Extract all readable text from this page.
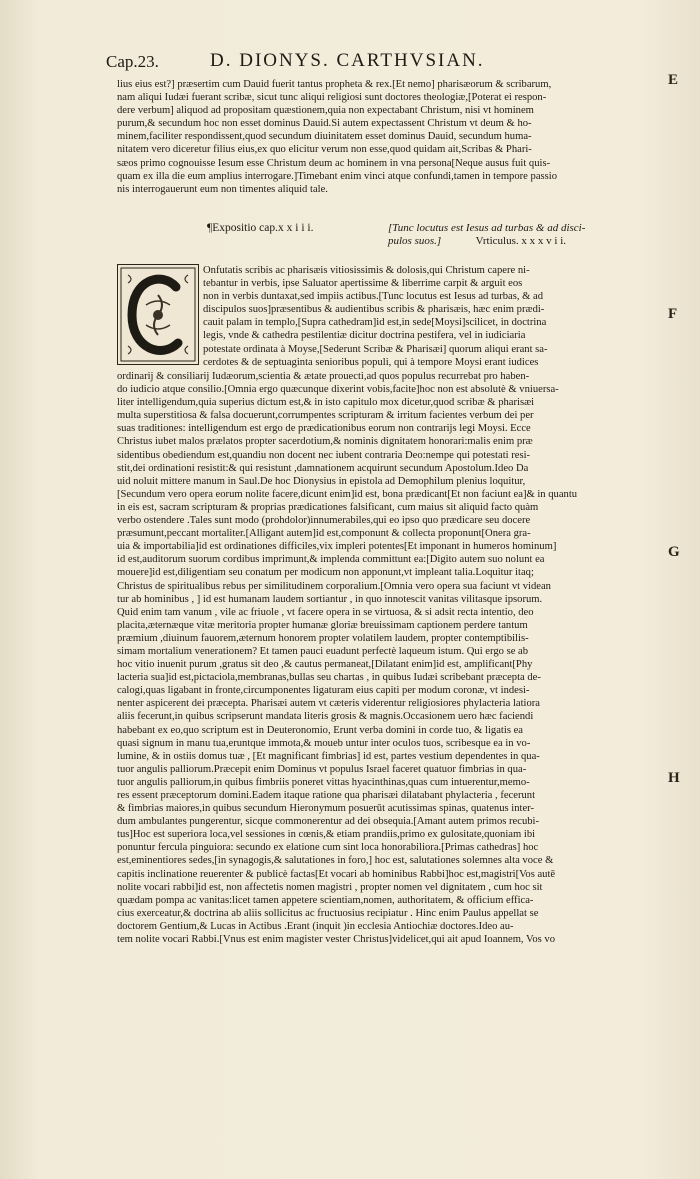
Cap.23.	D. DIONYS. CARTHVSIAN.
E
F
G
H
lius eius est?] præsertim cum Dauid fuerit tantus propheta & rex.[Et nemo] pharisæorum & scribarum,
nam aliqui Iudæi fuerant scribæ, sicut tunc aliqui religiosi sunt doctores theologiæ,[Poterat ei respon-
dere verbum] aliquod ad propositam quæstionem,quia non expectabant Christum, nisi vt hominem
purum,& secundum hoc non esset dominus Dauid.Si autem expectassent Christum vt deum & ho-
minem,faciliter respondissent,quod secundum diuinitatem esset dominus Dauid, secundum huma-
nitatem vero diceretur filius eius,ex quo elicitur verum non esse,quod quidam ait,Scribas & Phari-
sæos primo cognouisse Iesum esse Christum deum ac hominem in vna persona[Neque ausus fuit quis-
quam ex illa die eum amplius interrogare.]Timebant enim vinci atque confundi,tamen in tempore passio
nis interrogauerunt eum non timentes aliquid tale.
¶Expositio cap.x x i i i.	[Tunc locutus est Iesus ad turbas & ad disci-
pulos suos.]	Vrticulus. x x x v i i.
Onfutatis scribis ac pharisæis vitiosissimis & dolosis,qui Christum capere ni-
tebantur in verbis, ipse Saluator apertissime & liberrime carpit & arguit eos
non in verbis duntaxat,sed impiis actibus.[Tunc locutus est Iesus ad turbas, & ad
discipulos suos]præsentibus & audientibus scribis & pharisæis, hæc enim prædi-
cauit palam in templo,[Supra cathedram]id est,in sede[Moysi]scilicet, in doctrina
legis, vnde & cathedra pestilentiæ dicitur doctrina pestifera, vel in iudiciaria
potestate ordinata à Moyse,[Sederunt Scribæ & Pharisæi] quorum aliqui erant sa-
cerdotes & de septuaginta senioribus populi, qui à tempore Moysi erant iudices
ordinarij & consiliarij Iudæorum,scientia & ætate prouecti,ad quos populus recurrebat pro haben-
do iudicio atque consilio.[Omnia ergo quæcunque dixerint vobis,facite]hoc non est absolutè & vniuersa-
liter intelligendum,quia superius dictum est,& in isto capitulo mox dicetur,quod scribæ & pharisæi
multa superstitiosa & falsa docuerunt,corrumpentes scripturam & irritum facientes verbum dei per
suas traditiones: intelligendum est ergo de prædicationibus eorum non contrarijs legi Moysi. Ecce
Christus iubet malos prælatos propter sacerdotium,& nominis dignitatem honorari:malis enim præ
sidentibus obediendum est,quandiu non docent nec iubent contraria Deo:nempe qui potestati resi-
stit,dei ordinationi resistit:& qui resistunt ,damnationem acquirunt secundum Apostolum.Ideo Da
uid noluit mittere manum in Saul.De hoc Dionysius in epistola ad Demophilum plenius loquitur,
[Secundum vero opera eorum nolite facere,dicunt enim]id est, bona prædicant[Et non faciunt ea]& in quantu
in eis est, sacram scripturam & proprias prædicationes falsificant, cum maius sit aliquid facto quàm
verbo ostendere .Tales sunt modo (prohdolor)innumerabiles,qui eo ipso quo prædicare seu docere
præsumunt,peccant mortaliter.[Alligant autem]id est,componunt & collecta proponunt[Onera gra-
uia & importabilia]id est ordinationes difficiles,vix impleri potentes[Et imponant in humeros hominum]
id est,auditorum suorum cordibus imprimunt,& implenda committunt ea:[Digito autem suo nolunt ea
mouere]id est,diligentiam seu conatum per modicum non apponunt,vt impleant talia.Loquitur itaq;
Christus de spiritualibus rebus per similitudinem corporalium.[Omnia vero opera sua faciunt vt videan
tur ab hominibus , ] id est humanam laudem sortiantur , in quo innotescit vanitas vilitasque ipsorum.
Quid enim tam vanum , vile ac friuole , vt facere opera in se virtuosa, & si adsit recta intentio, deo
placita,æternæque vitæ meritoria propter humanæ gloriæ breuissimam captionem perdere tantum
præmium ,diuinum fauorem,æternum honorem propter volatilem laudem, propter contemptibilis-
simam mortalium venerationem? Et tamen pauci euadunt perfectè laqueum istum. Qui ergo se ab
hoc vitio inuenit purum ,gratus sit deo ,& cautus permaneat,[Dilatant enim]id est, amplificant[Phy
lacteria sua]id est,pictaciola,membranas,bullas seu chartas , in quibus Iudæi scribebant præcepta de-
calogi,quas ligabant in fronte,circumponentes ligaturam eius capiti per modum coronæ, vt indesi-
nenter aspicerent dei præcepta. Pharisæi autem vt cæteris viderentur religiosiores phylacteria latiora
aliis fecerunt,in quibus scripserunt mandata literis grosis & magnis.Occasionem uero hæc faciendi
habebant ex eo,quo scriptum est in Deuteronomio, Erunt verba domini in corde tuo, & ligatis ea
quasi signum in manu tua,eruntque immota,& moueb untur inter oculos tuos, scribesque ea in vo-
lumine, & in ostiis domus tuæ , [Et magnificant fimbrias] id est, partes vestium dependentes in qua-
tuor angulis palliorum.Præcepit enim Dominus vt populus Israel faceret quatuor fimbrias in qua-
tuor angulis palliorum,in quibus fimbriis poneret vittas hyacinthinas,quas cum intuerentur,memo-
res essent præceptorum domini.Eadem itaque ratione qua pharisæi dilatabant phylacteria , fecerunt
& fimbrias maiores,in quibus secundum Hieronymum posuerūt acutissimas spinas, quatenus inter-
dum ambulantes pungerentur, sicque commonerentur ad dei obsequia.[Amant autem primos recubi-
tus]Hoc est superiora loca,vel sessiones in cœnis,& etiam prandiis,primo ex gulositate,quoniam ibi
ponuntur fercula pinguiora: secundo ex elatione cum sint loca honorabiliora.[Primas cathedras] hoc
est,eminentiores sedes,[in synagogis,& salutationes in foro,] hoc est, salutationes solemnes alta voce &
capitis inclinatione reuerenter & publicè factas[Et vocari ab hominibus Rabbi]hoc est,magistri[Vos autē
nolite vocari rabbi]id est, non affectetis nomen magistri , propter nomen vel dignitatem , cum hoc sit
quædam pompa ac vanitas:licet tamen appetere scientiam,nomen, authoritatem, & officium effica-
cius exerceatur,& doctrina ab aliis sollicitus ac fructuosius recipiatur . Hinc enim Paulus appellat se
doctorem Gentium,& Lucas in Actibus .Erant (inquit )in ecclesia Antiochiæ doctores.Ideo au-
tem nolite vocari Rabbi.[Vnus est enim magister vester Christus]videlicet,qui ait apud Ioannem, Vos vo
